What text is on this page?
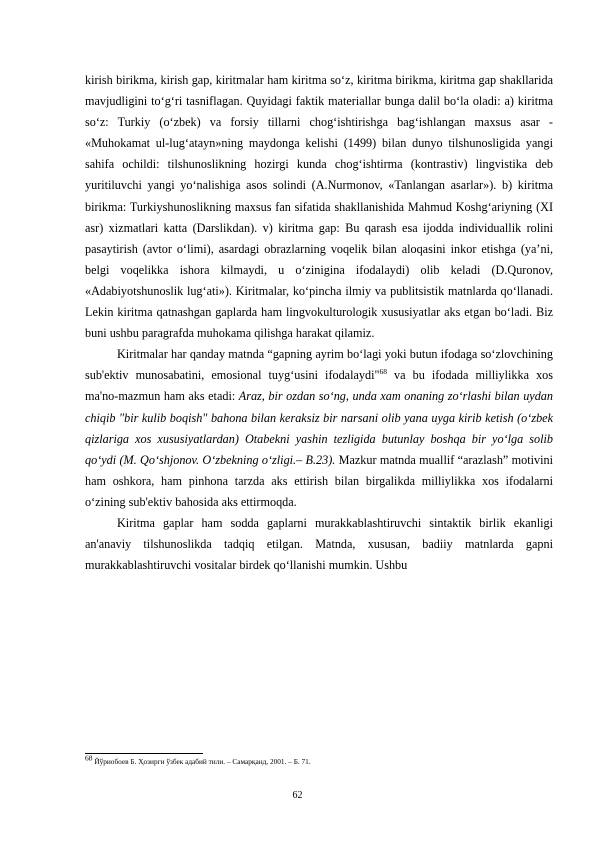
kirish birikma, kirish gap, kiritmalar ham kiritma so‘z, kiritma birikma, kiritma gap shakllarida mavjudligini to‘g‘ri tasniflagan. Quyidagi faktik materiallar bunga dalil bo‘la oladi: a) kiritma so‘z: Turkiy (o‘zbek) va forsiy tillarni chog‘ishtirishga bag‘ishlangan maxsus asar - «Muhokamat ul-lug‘atayn»ning maydonga kelishi (1499) bilan dunyo tilshunosligida yangi sahifa ochildi: tilshunoslikning hozirgi kunda chog‘ishtirma (kontrastiv) lingvistika deb yuritiluvchi yangi yo‘nalishiga asos solindi (A.Nurmonov, «Tanlangan asarlar»). b) kiritma birikma: Turkiyshunoslikning maxsus fan sifatida shakllanishida Mahmud Koshg‘ariyning (XI asr) xizmatlari katta (Darslikdan). v) kiritma gap: Bu qarash esa ijodda individuallik rolini pasaytirish (avtor o‘limi), asardagi obrazlarning voqelik bilan aloqasini inkor etishga (ya’ni, belgi voqelikka ishora kilmaydi, u o‘zinigina ifodalaydi) olib keladi (D.Quronov, «Adabiyotshunoslik lug‘ati»). Kiritmalar, ko‘pincha ilmiy va publitsistik matnlarda qo‘llanadi. Lekin kiritma qatnashgan gaplarda ham lingvokulturologik xususiyatlar aks etgan bo‘ladi. Biz buni ushbu paragrafda muhokama qilishga harakat qilamiz.

Kiritmalar har qanday matnda “gapning ayrim bo‘lagi yoki butun ifodaga so‘zlovchining sub'ektiv munosabatini, emosional tuyg‘usini ifodalaydi"$^{68}$ va bu ifodada milliylikka xos ma'no-mazmun ham aks etadi: Araz, bir ozdan so‘ng, unda xam onaning zo‘rlashi bilan uydan chiqib "bir kulib boqish" bahona bilan keraksiz bir narsani olib yana uyga kirib ketish (o‘zbek qizlariga xos xususiyatlardan) Otabekni yashin tezligida butunlay boshqa bir yo‘lga solib qo‘ydi (M. Qo‘shjonov. O‘zbekning o‘zligi.– B.23). Mazkur matnda muallif “arazlash” motivini ham oshkora, ham pinhona tarzda aks ettirish bilan birgalikda milliylikka xos ifodalarni o‘zining sub'ektiv bahosida aks ettirmoqda.

Kiritma gaplar ham sodda gaplarni murakkablashtiruvchi sintaktik birlik ekanligi an'anaviy tilshunoslikda tadqiq etilgan. Matnda, xususan, badiiy matnlarda gapni murakkablashtiruvchi vositalar birdek qo‘llanishi mumkin. Ushbu

$^{68}$ Йўриобоев Б. Ҳозирги ўзбек адабий тили. – Самарқанд, 2001. – Б. 71.
62
